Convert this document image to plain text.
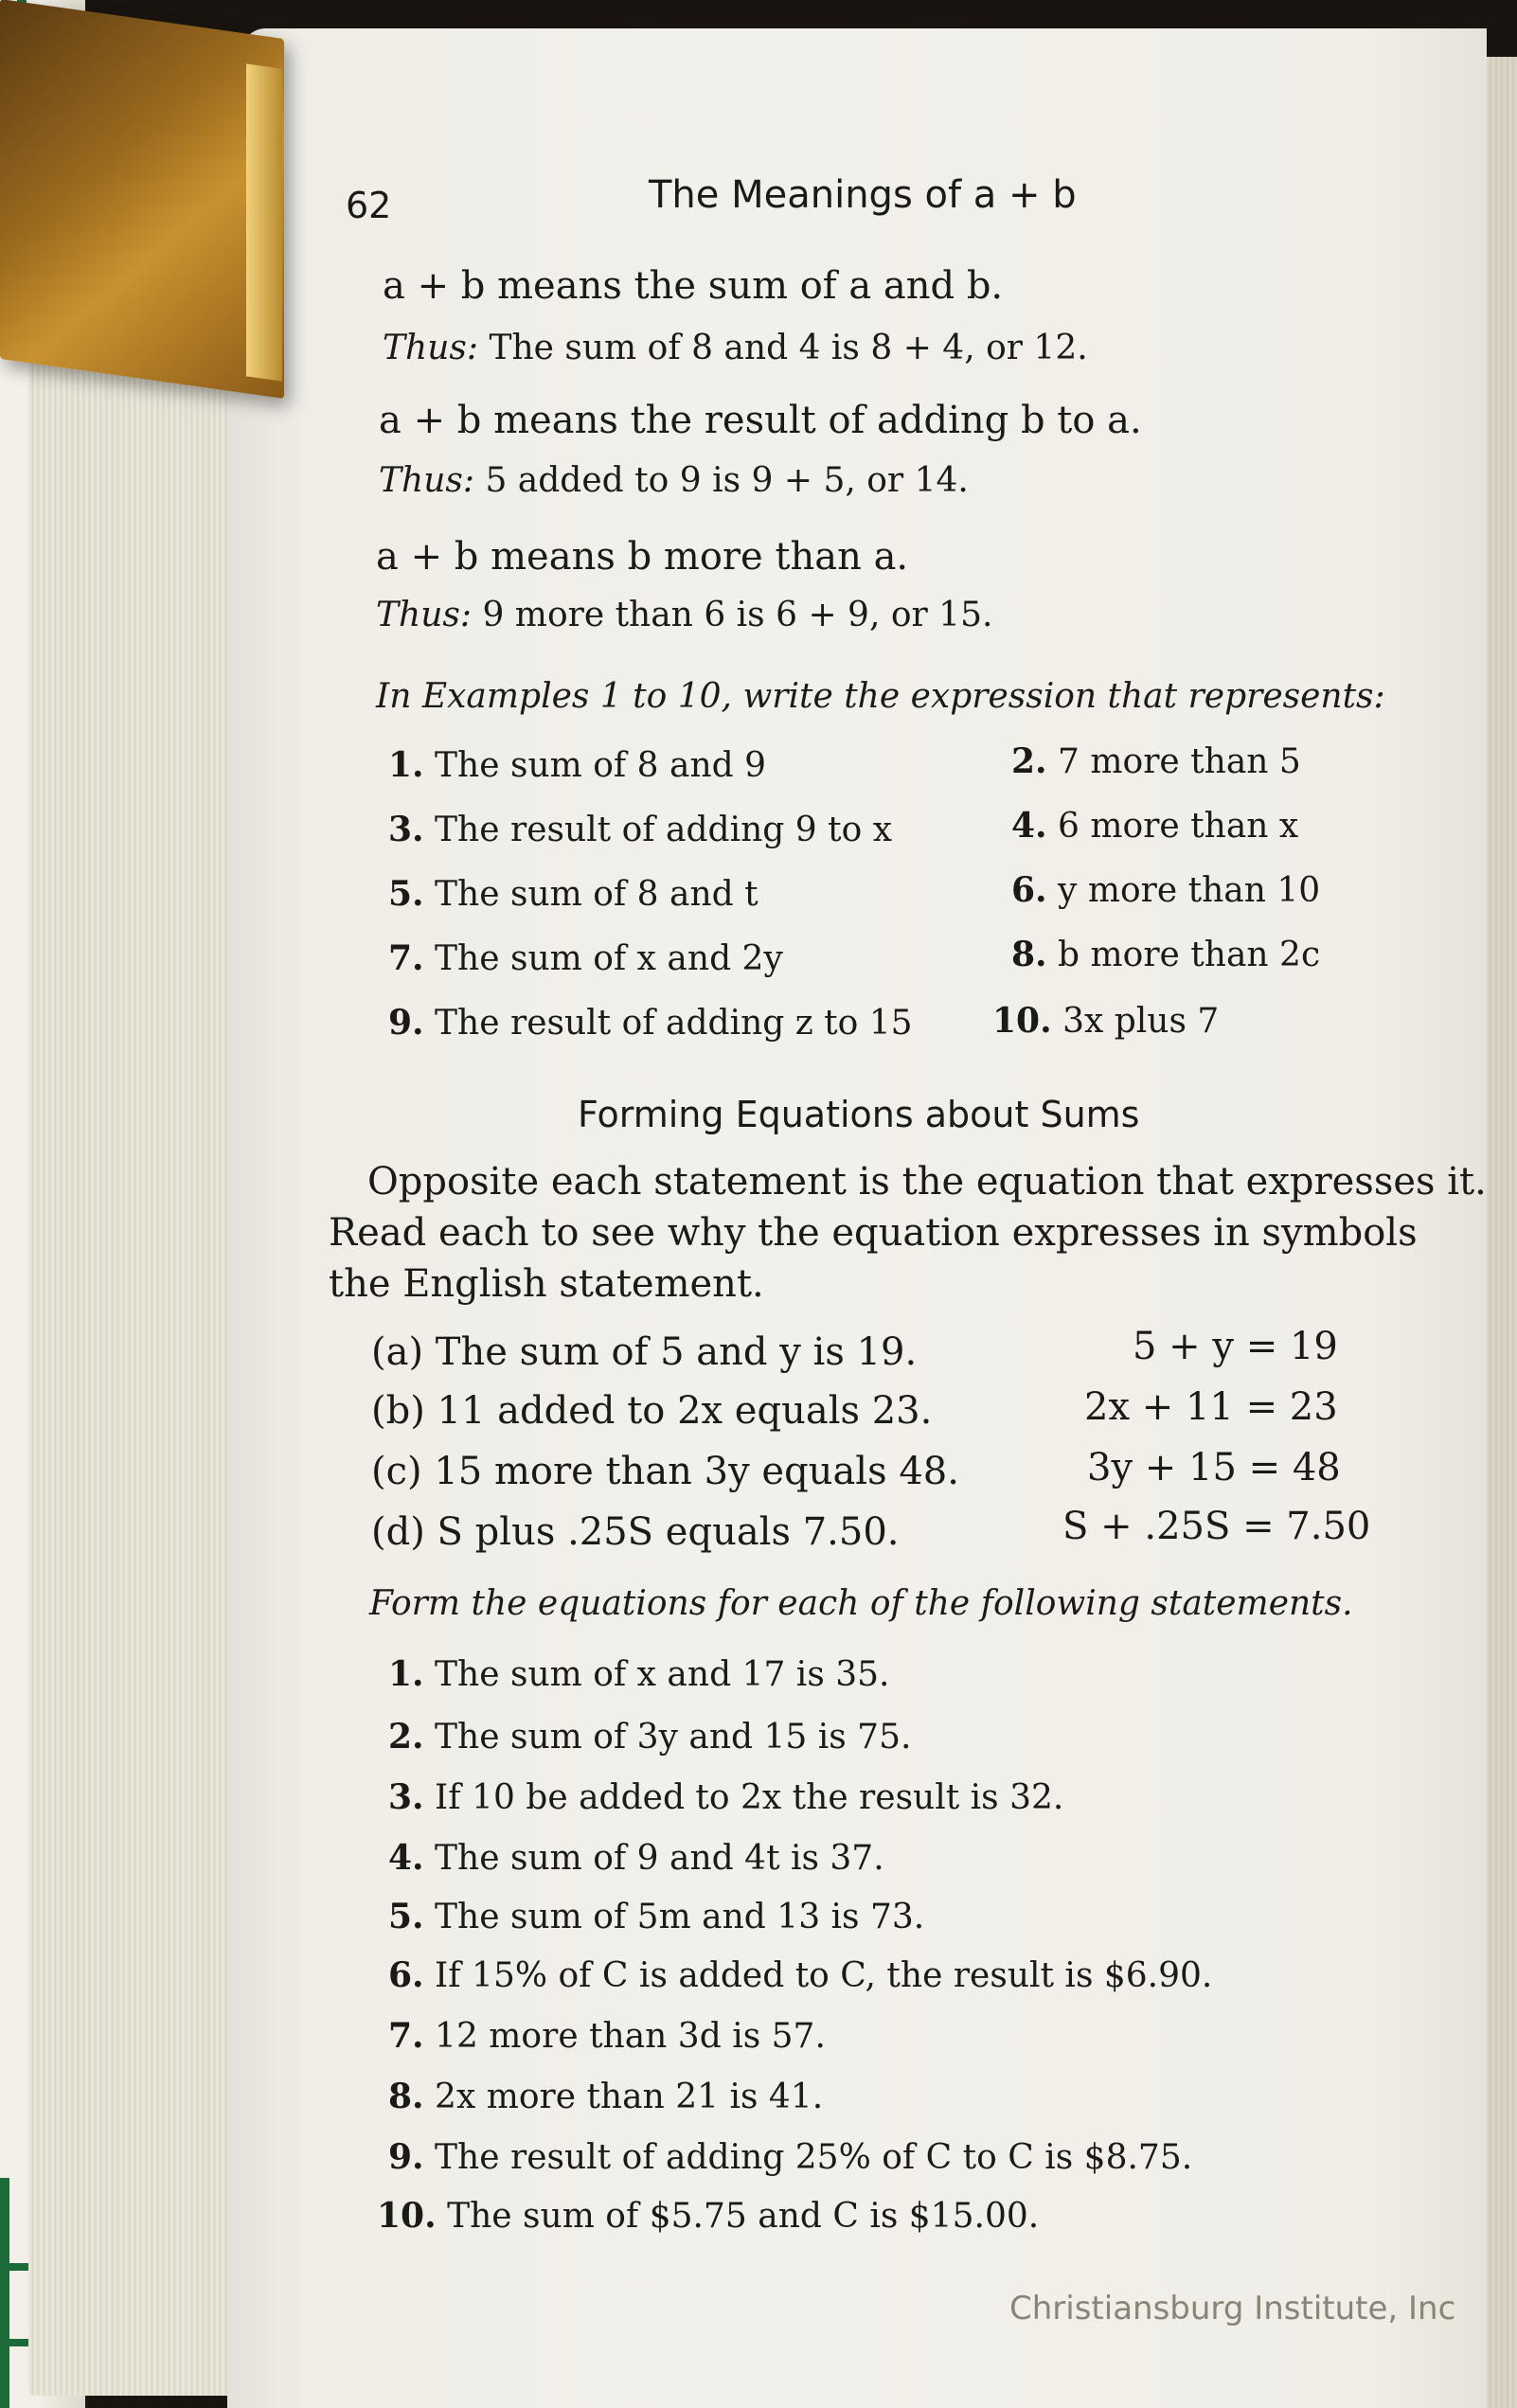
62	The Meanings of a + b
a + b means the sum of a and b.
Thus: The sum of 8 and 4 is 8 + 4, or 12.
a + b means the result of adding b to a.
Thus: 5 added to 9 is 9 + 5, or 14.
a + b means b more than a.
Thus: 9 more than 6 is 6 + 9, or 15.
In Examples 1 to 10, write the expression that represents:
1. The sum of 8 and 9	2. 7 more than 5
3. The result of adding 9 to x	4. 6 more than x
5. The sum of 8 and t	6. y more than 10
7. The sum of x and 2y	8. b more than 2c
9. The result of adding z to 15 10. 3x plus 7
Forming Equations about Sums
Opposite each statement is the equation that expresses it.
Read each to see why the equation expresses in symbols
the English statement.
(a) The sum of 5 and y is 19.	5 + y = 19
(b) 11 added to 2x equals 23.	2x + 11 = 23
(c) 15 more than 3y equals 48.	3y + 15 = 48
(d) S plus .25S equals 7.50.	S + .25S = 7.50
Form the equations for each of the following statements.
1. The sum of x and 17 is 35.
2. The sum of 3y and 15 is 75.
3. If 10 be added to 2x the result is 32.
4. The sum of 9 and 4t is 37.
5. The sum of 5m and 13 is 73.
6. If 15% of C is added to C, the result is $6.90.
7. 12 more than 3d is 57.
8. 2x more than 21 is 41.
9. The result of adding 25% of C to C is $8.75.
10. The sum of $5.75 and C is $15.00.
Christiansburg Institute, Inc
